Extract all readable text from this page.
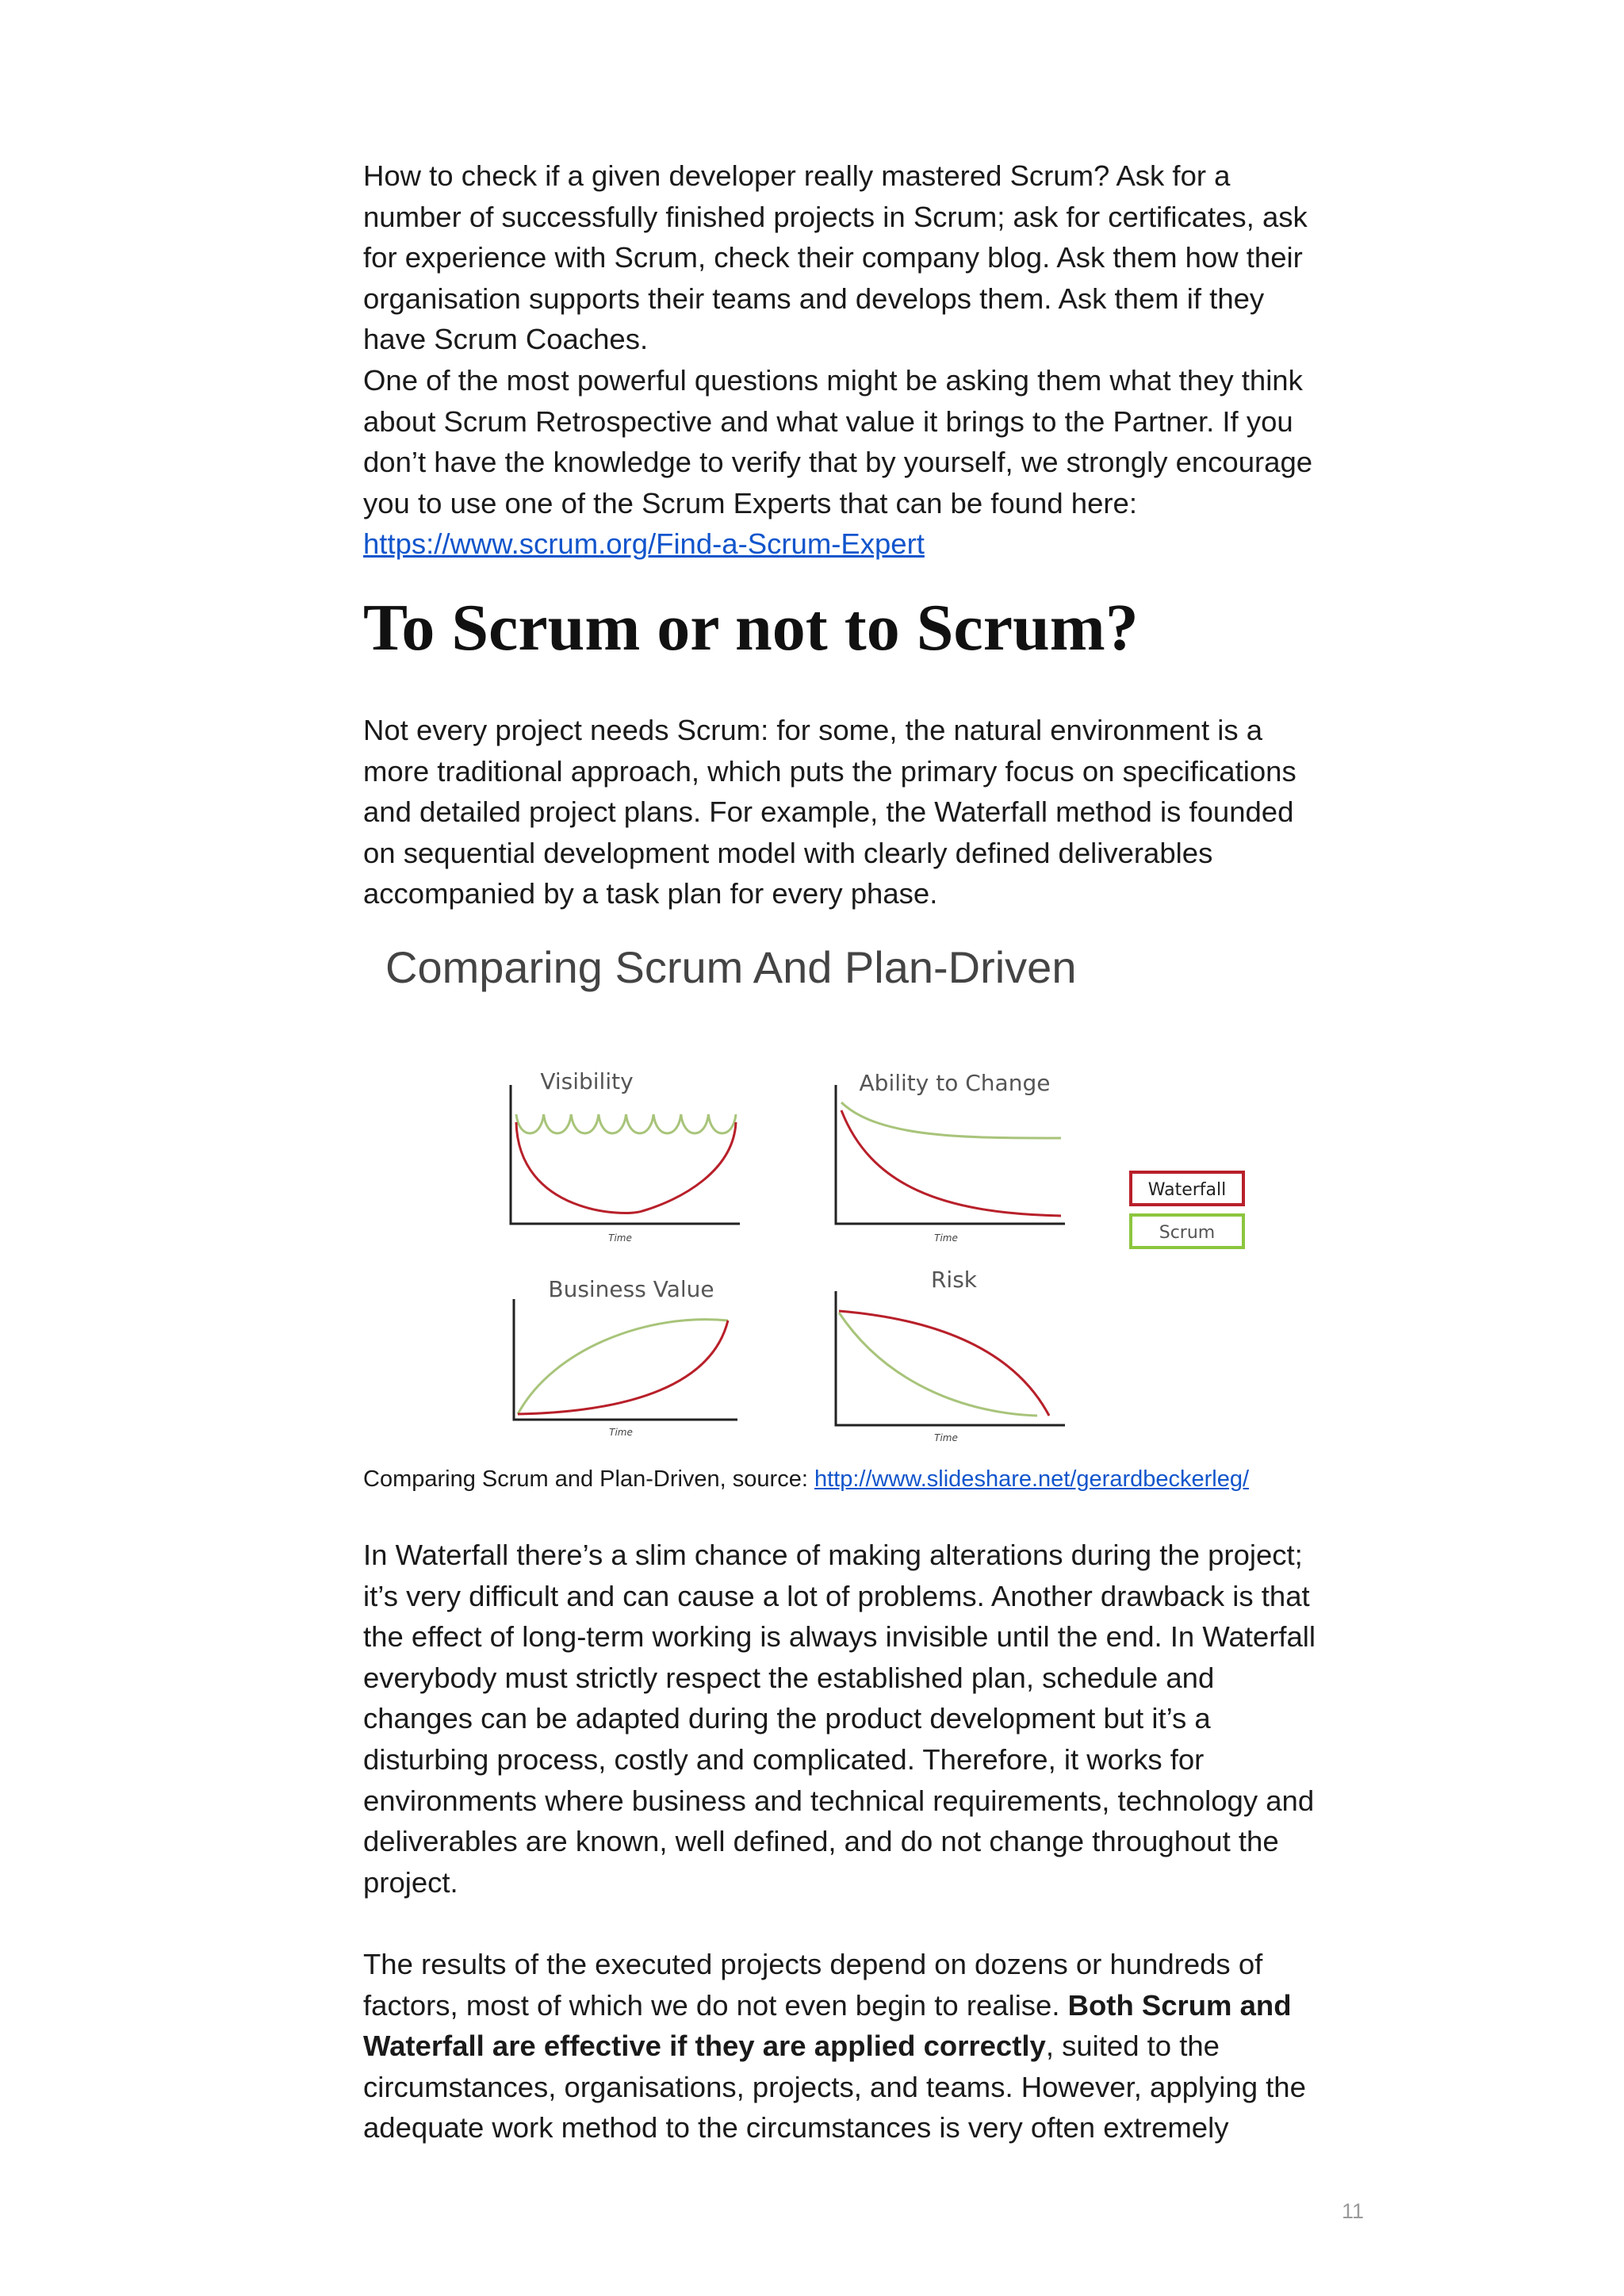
How to check if a given developer really mastered Scrum? Ask for a
number of successfully finished projects in Scrum; ask for certificates, ask
for experience with Scrum, check their company blog. Ask them how their
organisation supports their teams and develops them. Ask them if they
have Scrum Coaches.
One of the most powerful questions might be asking them what they think
about Scrum Retrospective and what value it brings to the Partner. If you
don’t have the knowledge to verify that by yourself, we strongly encourage
you to use one of the Scrum Experts that can be found here:
https://www.scrum.org/Find-a-Scrum-Expert
To Scrum or not to Scrum?
Not every project needs Scrum: for some, the natural environment is a
more traditional approach, which puts the primary focus on specifications
and detailed project plans. For example, the Waterfall method is founded
on sequential development model with clearly defined deliverables
accompanied by a task plan for every phase.
Comparing Scrum And Plan-Driven
Visibility
Time
Ability to Change
Time
Waterfall
Scrum
Business Value
Time
Risk
Time
Comparing Scrum and Plan-Driven, source: http://www.slideshare.net/gerardbeckerleg/
In Waterfall there’s a slim chance of making alterations during the project;
it’s very difficult and can cause a lot of problems. Another drawback is that
the effect of long-term working is always invisible until the end. In Waterfall
everybody must strictly respect the established plan, schedule and
changes can be adapted during the product development but it’s a
disturbing process, costly and complicated. Therefore, it works for
environments where business and technical requirements, technology and
deliverables are known, well defined, and do not change throughout the
project.
The results of the executed projects depend on dozens or hundreds of
factors, most of which we do not even begin to realise. Both Scrum and
Waterfall are effective if they are applied correctly, suited to the
circumstances, organisations, projects, and teams. However, applying the
adequate work method to the circumstances is very often extremely
11
